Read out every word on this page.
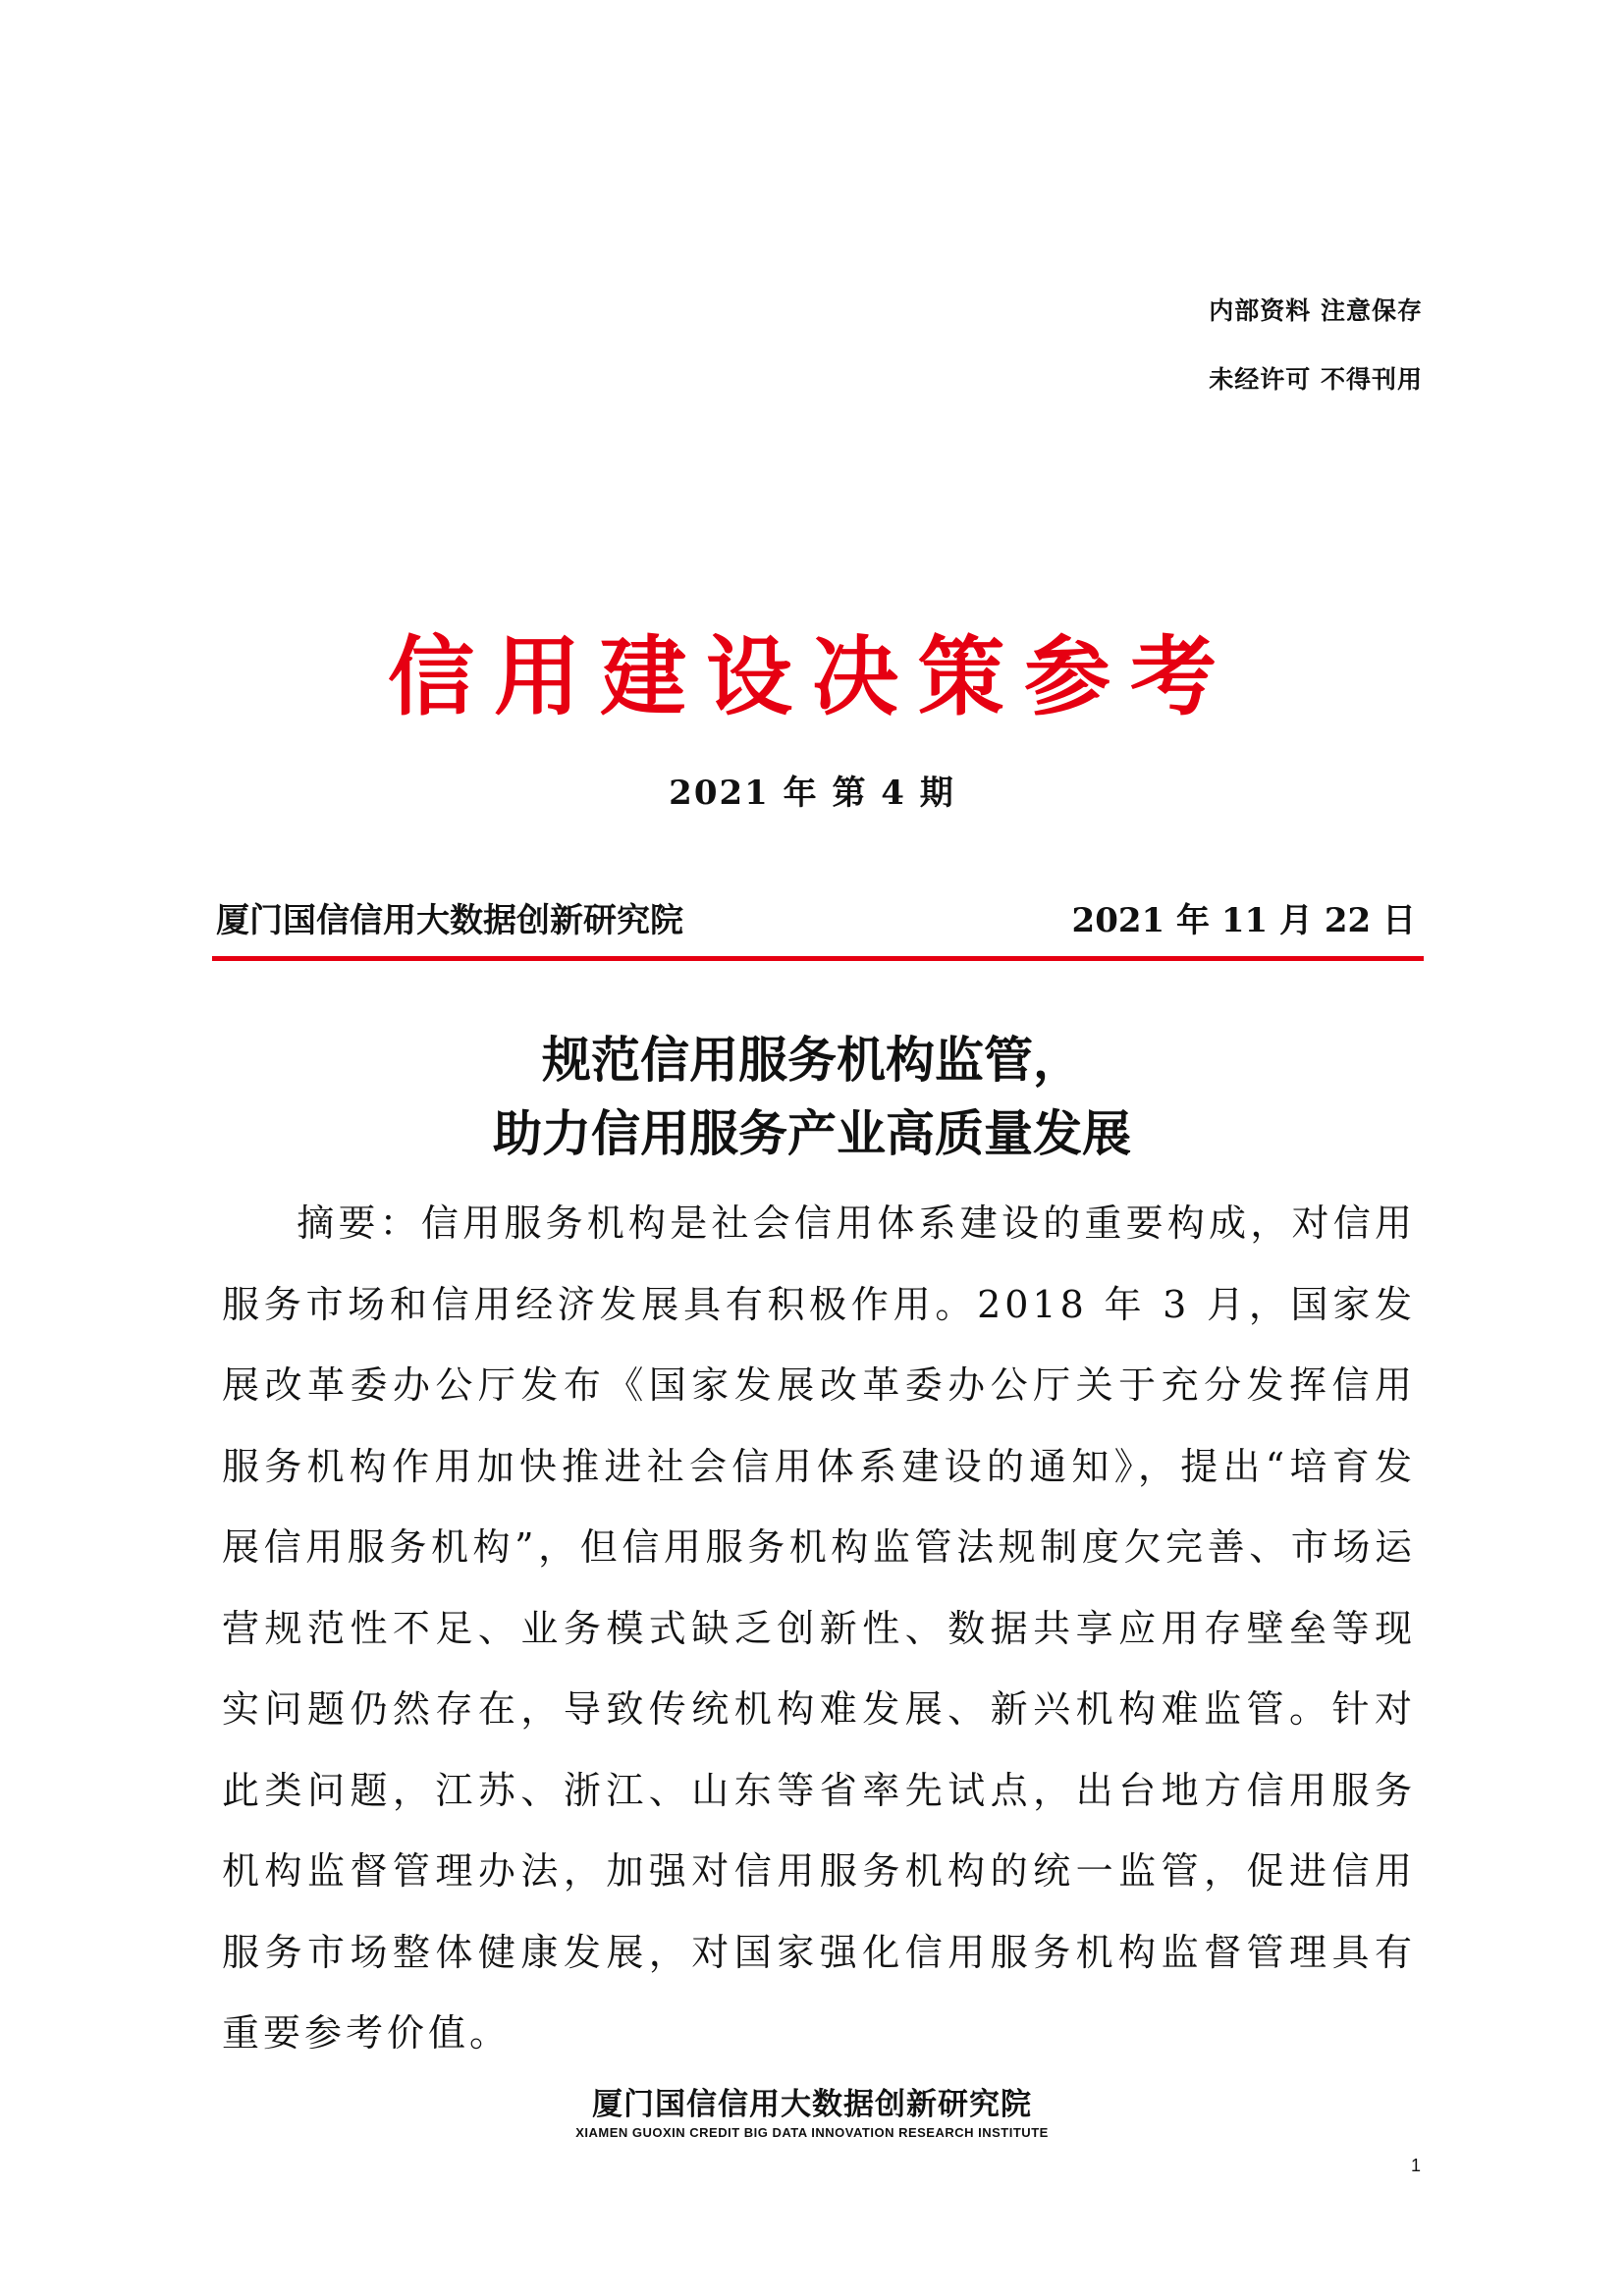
内部资料 注意保存
未经许可 不得刊用
信用建设决策参考
2021 年 第 4 期
厦门国信信用大数据创新研究院	2021 年 11 月 22 日
规范信用服务机构监管，
助力信用服务产业高质量发展
摘要：信用服务机构是社会信用体系建设的重要构成，对信用服务市场和信用经济发展具有积极作用。2018 年 3 月，国家发展改革委办公厅发布《国家发展改革委办公厅关于充分发挥信用服务机构作用加快推进社会信用体系建设的通知》，提出“培育发展信用服务机构”，但信用服务机构监管法规制度欠完善、市场运营规范性不足、业务模式缺乏创新性、数据共享应用存壁垒等现实问题仍然存在，导致传统机构难发展、新兴机构难监管。针对此类问题，江苏、浙江、山东等省率先试点，出台地方信用服务机构监督管理办法，加强对信用服务机构的统一监管，促进信用服务市场整体健康发展，对国家强化信用服务机构监督管理具有重要参考价值。
厦门国信信用大数据创新研究院
XIAMEN GUOXIN CREDIT BIG DATA INNOVATION RESEARCH INSTITUTE
1
